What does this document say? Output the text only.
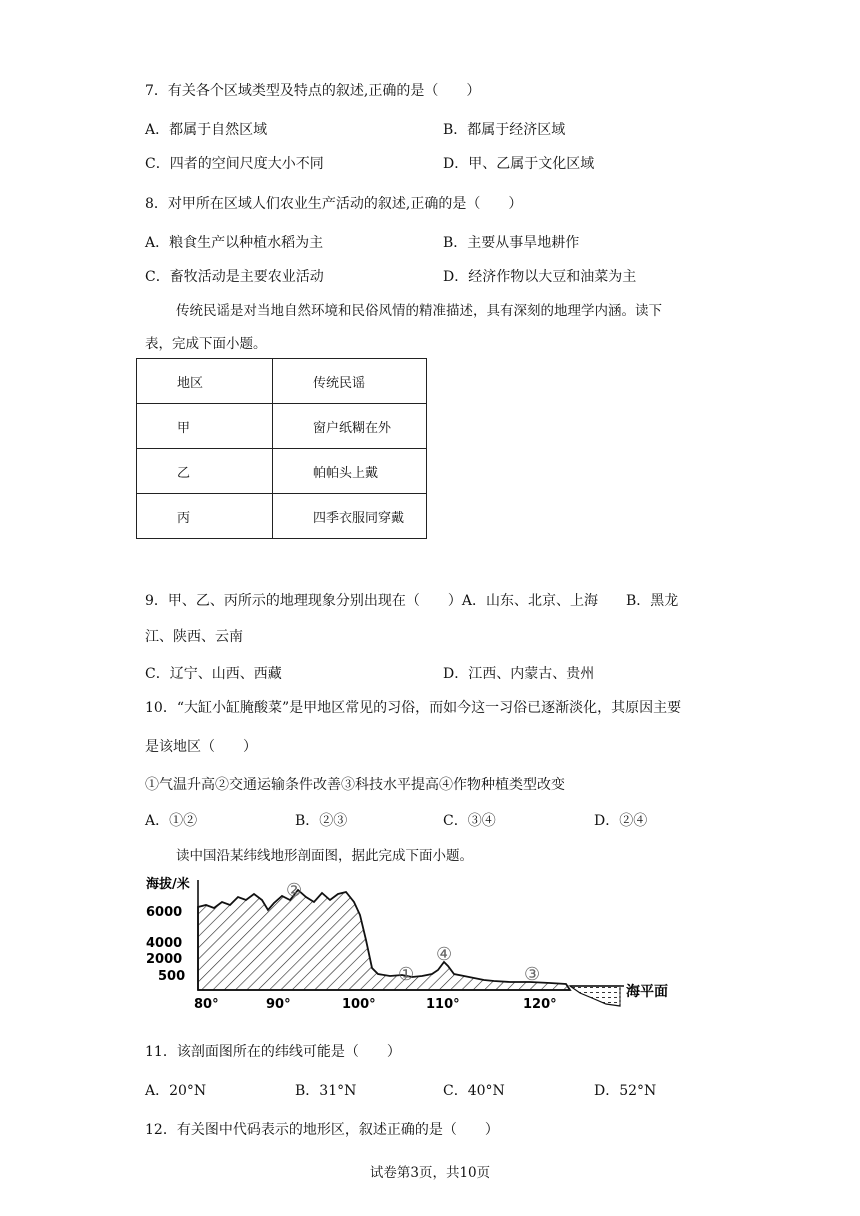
7．有关各个区域类型及特点的叙述,正确的是（　　）
A．都属于自然区域	B．都属于经济区域
C．四者的空间尺度大小不同	D．甲、乙属于文化区域
8．对甲所在区域人们农业生产活动的叙述,正确的是（　　）
A．粮食生产以种植水稻为主	B．主要从事旱地耕作
C．畜牧活动是主要农业活动	D．经济作物以大豆和油菜为主
传统民谣是对当地自然环境和民俗风情的精准描述，具有深刻的地理学内涵。读下
表，完成下面小题。
地区	传统民谣
甲	窗户纸糊在外
乙	帕帕头上戴
丙	四季衣服同穿戴
9．甲、乙、丙所示的地理现象分别出现在（　　）A．山东、北京、上海　　B．黑龙
江、陕西、云南
C．辽宁、山西、西藏	D．江西、内蒙古、贵州
10．“大缸小缸腌酸菜”是甲地区常见的习俗，而如今这一习俗已逐渐淡化，其原因主要
是该地区（　　）
①气温升高②交通运输条件改善③科技水平提高④作物种植类型改变
A．①②	B．②③	C．③④	D．②④
读中国沿某纬线地形剖面图，据此完成下面小题。
海拔/米
6000
4000
2000
500
80°	90°	100°	110°	120°
海平面
②
①
④
③
11．该剖面图所在的纬线可能是（　　）
A．20°N	B．31°N	C．40°N	D．52°N
12．有关图中代码表示的地形区，叙述正确的是（　　）
试卷第3页，共10页
